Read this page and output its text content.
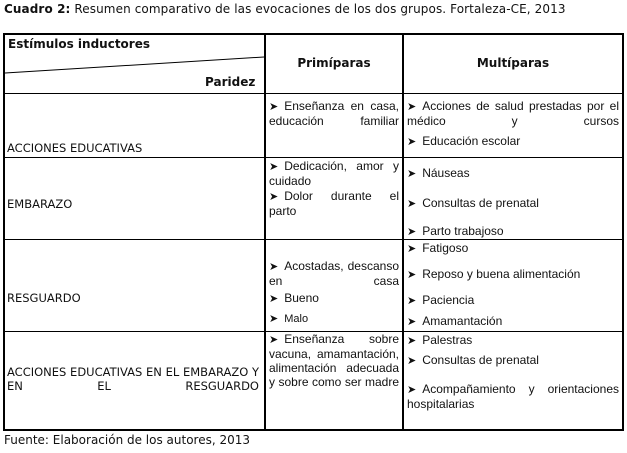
Cuadro 2: Resumen comparativo de las evocaciones de los dos grupos. Fortaleza-CE, 2013
Estímulos inductores
Paridez
Primíparas	Multíparas
ACCIONES EDUCATIVAS
➤ Enseñanza en casa, educación familiar
➤ Acciones de salud prestadas por el médico y cursos
➤ Educación escolar
EMBARAZO
➤ Dedicación, amor y cuidado
➤ Dolor durante el parto
➤ Náuseas
➤ Consultas de prenatal
➤ Parto trabajoso
RESGUARDO
➤ Acostadas, descanso en casa
➤ Bueno
➤ Malo
➤ Fatigoso
➤ Reposo y buena alimentación
➤ Paciencia
➤ Amamantación
ACCIONES EDUCATIVAS EN EL EMBARAZO Y EN EL RESGUARDO
➤ Enseñanza sobre vacuna, amamantación, alimentación adecuada y sobre como ser madre
➤ Palestras
➤ Consultas de prenatal
➤ Acompañamiento y orientaciones hospitalarias
Fuente: Elaboración de los autores, 2013
